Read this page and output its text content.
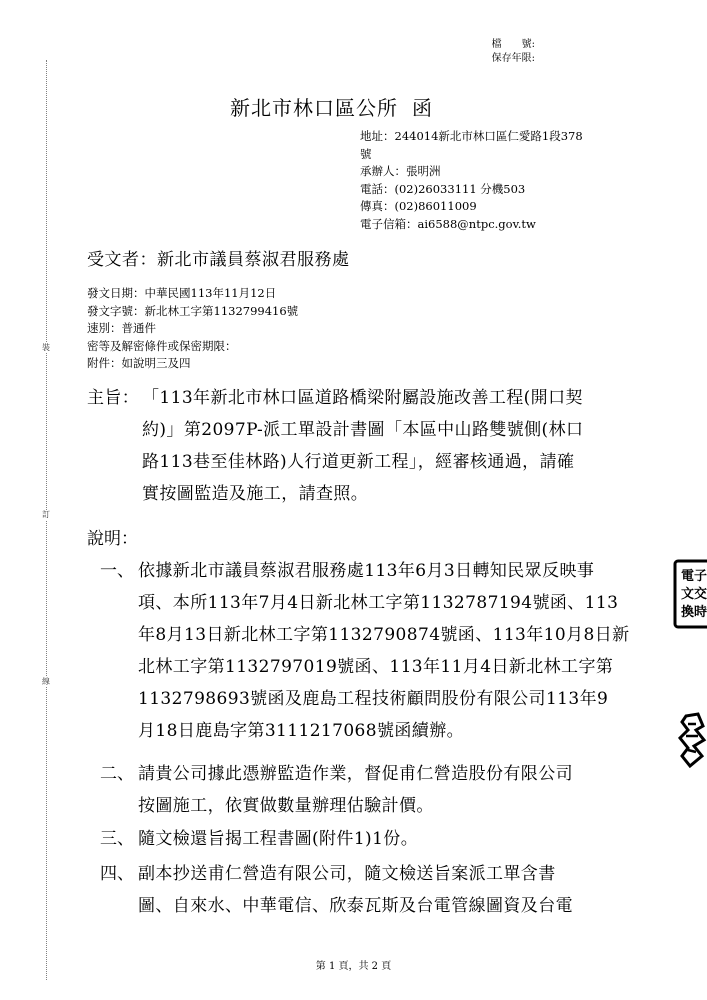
裝
訂
線
檔　　號:
保存年限:
新北市林口區公所 函
地址：244014新北市林口區仁愛路1段378
號
承辦人：張明洲
電話：(02)26033111 分機503
傳真：(02)86011009
電子信箱：ai6588@ntpc.gov.tw
受文者：新北市議員蔡淑君服務處
發文日期：中華民國113年11月12日
發文字號：新北林工字第1132799416號
速別：普通件
密等及解密條件或保密期限：
附件：如說明三及四
主旨： 「113年新北市林口區道路橋梁附屬設施改善工程(開口契
約)」第2097P-派工單設計書圖「本區中山路雙號側(林口
路113巷至佳林路)人行道更新工程」，經審核通過，請確
實按圖監造及施工，請查照。
說明：
一、 依據新北市議員蔡淑君服務處113年6月3日轉知民眾反映事
項、本所113年7月4日新北林工字第1132787194號函、113
年8月13日新北林工字第1132790874號函、113年10月8日新
北林工字第1132797019號函、113年11月4日新北林工字第
1132798693號函及鹿島工程技術顧問股份有限公司113年9
月18日鹿島字第3111217068號函續辦。
二、 請貴公司據此憑辦監造作業，督促甫仁營造股份有限公司
按圖施工，依實做數量辦理估驗計價。
三、 隨文檢還旨揭工程書圖(附件1)1份。
四、 副本抄送甫仁營造有限公司，隨文檢送旨案派工單含書
圖、自來水、中華電信、欣泰瓦斯及台電管線圖資及台電
電子
文交
換時
第 1 頁，共 2 頁
